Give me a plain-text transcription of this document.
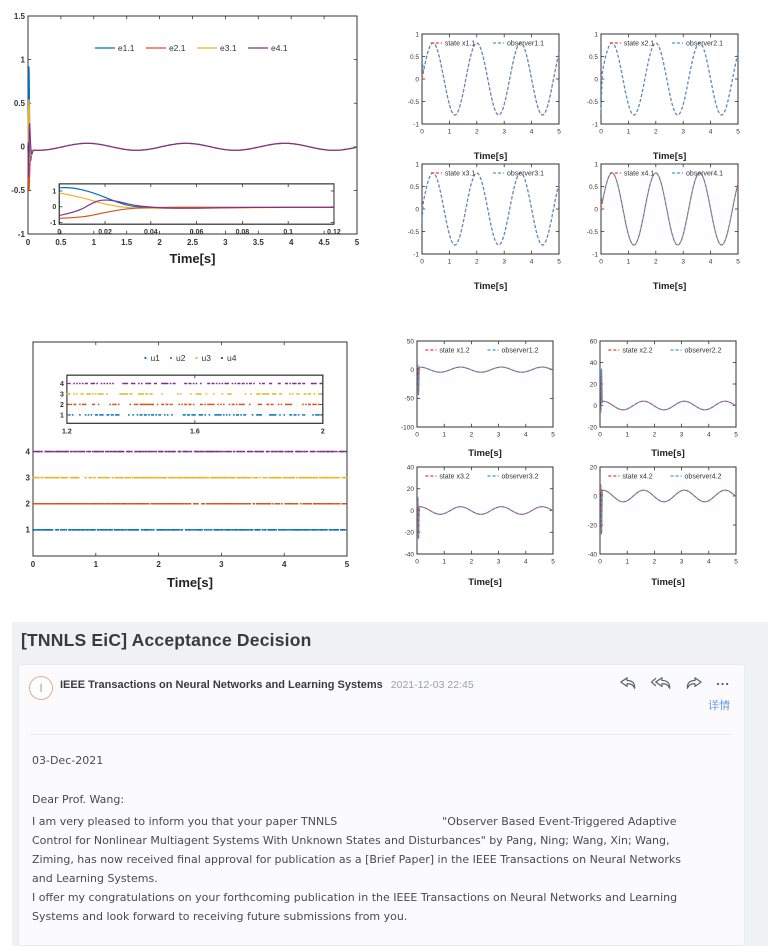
0	0.5	1	1.5	2	2.5	3	3.5	4	4.5	5
-1
-0.5
0
0.5
1
1.5
e1.1	e2.1	e3.1	e4.1
Time[s]
0	0.02	0.04	0.06	0.08	0.1	0.12
-1
0
1
0	1	2	3	4	5
-1
-0.5
0
0.5
1
state x1.1	observer1.1
Time[s]
0	1	2	3	4	5
-1
-0.5
0
0.5
1
state x2.1	observer2.1
Time[s]
0	1	2	3	4	5
-1
-0.5
0
0.5
1
state x3.1	observer3.1
Time[s]
0	1	2	3	4	5
-1
-0.5
0
0.5
1
state x4.1	observer4.1
Time[s]
0	1	2	3	4	5
1
2
3
4
u1 u2 u3 u4
Time[s]
1.2	1.6	2
1
2
3
4
0	1	2	3	4	5
-100
-50
0
50
state x1.2	observer1.2
Time[s]
0	1	2	3	4	5
-20
0
20
40
60
state x2.2	observer2.2
Time[s]
0	1	2	3	4	5
-40
-20
0
20
40
state x3.2	observer3.2
Time[s]
0	1	2	3	4	5
-40
-20
0
20
state x4.2	observer4.2
Time[s]
[TNNLS EiC] Acceptance Decision
I IEEE Transactions on Neural Networks and Learning Systems 2021-12-03 22:45	...
详情
03-Dec-2021
Dear Prof. Wang:
I am very pleased to inform you that your paper TNNLS                              "Observer Based Event-Triggered Adaptive
Control for Nonlinear Multiagent Systems With Unknown States and Disturbances" by Pang, Ning; Wang, Xin; Wang,
Ziming, has now received final approval for publication as a [Brief Paper] in the IEEE Transactions on Neural Networks
and Learning Systems.
I offer my congratulations on your forthcoming publication in the IEEE Transactions on Neural Networks and Learning
Systems and look forward to receiving future submissions from you.
